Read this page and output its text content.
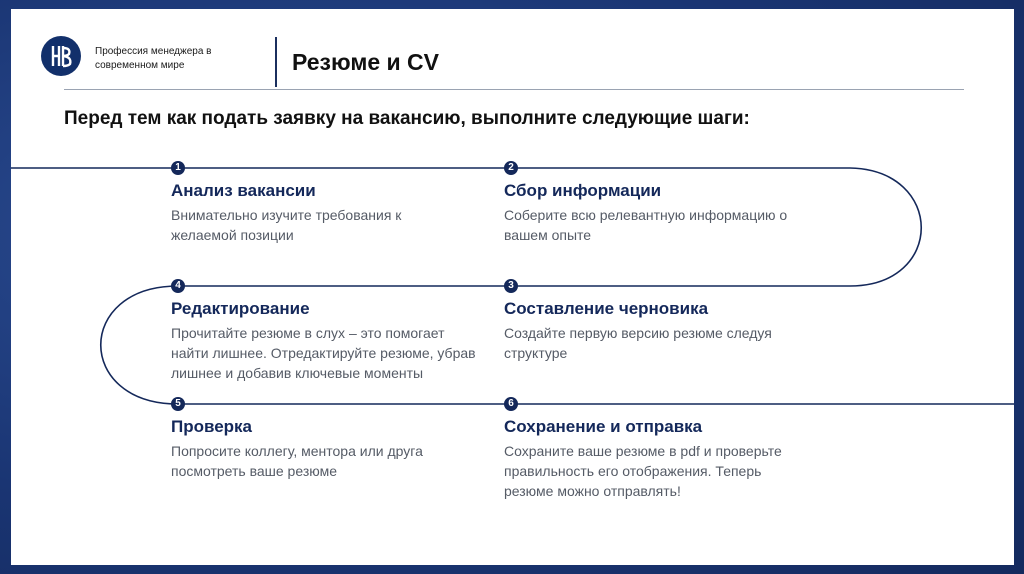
Профессия менеджера в современном мире	Резюме и CV
Перед тем как подать заявку на вакансию, выполните следующие шаги:
1
Анализ вакансии
Внимательно изучите требования к желаемой позиции
2
Сбор информации
Соберите всю релевантную информацию о вашем опыте
3
Составление черновика
Создайте первую версию резюме следуя структуре
4
Редактирование
Прочитайте резюме в слух – это помогает найти лишнее. Отредактируйте резюме, убрав лишнее и добавив ключевые моменты
5
Проверка
Попросите коллегу, ментора или друга посмотреть ваше резюме
6
Сохранение и отправка
Сохраните ваше резюме в pdf и проверьте правильность его отображения. Теперь резюме можно отправлять!
